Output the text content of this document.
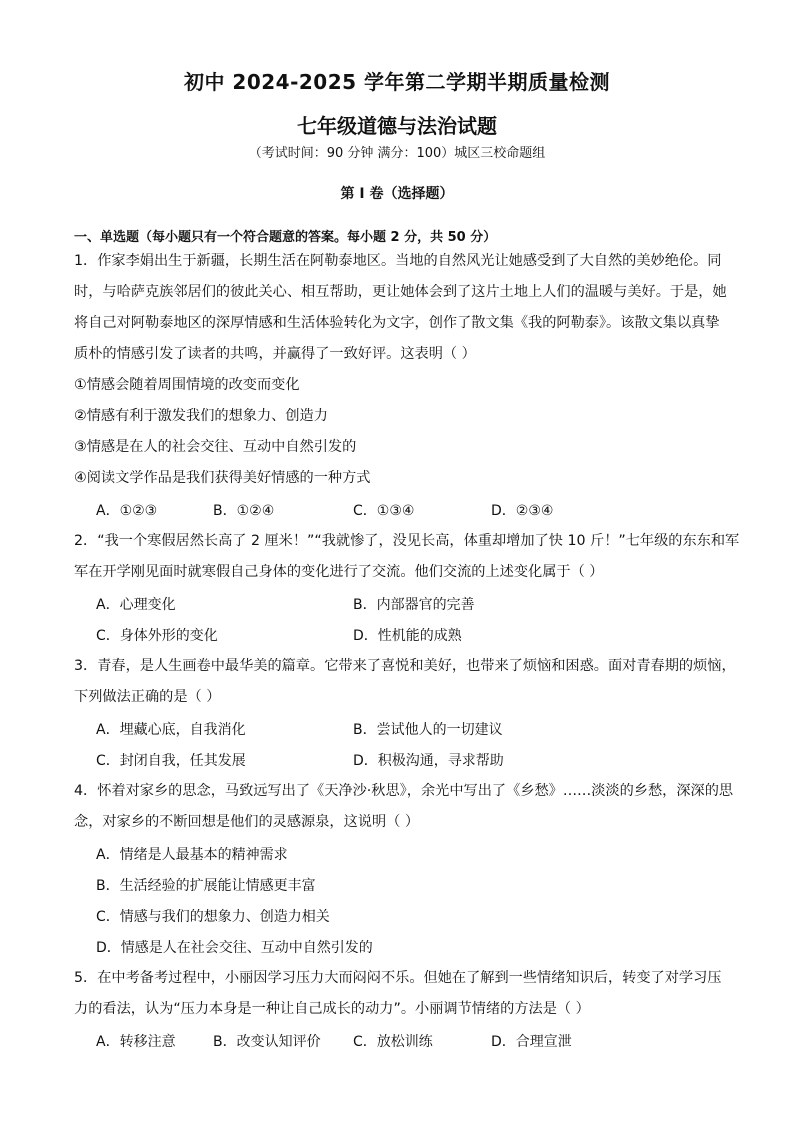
初中 2024-2025 学年第二学期半期质量检测
七年级道德与法治试题
（考试时间：90 分钟 满分：100）城区三校命题组
第 I 卷（选择题）
一、单选题（每小题只有一个符合题意的答案。每小题 2 分，共 50 分）
1．作家李娟出生于新疆，长期生活在阿勒泰地区。当地的自然风光让她感受到了大自然的美妙绝伦。同
时，与哈萨克族邻居们的彼此关心、相互帮助，更让她体会到了这片土地上人们的温暖与美好。于是，她
将自己对阿勒泰地区的深厚情感和生活体验转化为文字，创作了散文集《我的阿勒泰》。该散文集以真挚
质朴的情感引发了读者的共鸣，并赢得了一致好评。这表明（ ）
①情感会随着周围情境的改变而变化
②情感有利于激发我们的想象力、创造力
③情感是在人的社会交往、互动中自然引发的
④阅读文学作品是我们获得美好情感的一种方式
A．①②③	B．①②④	C．①③④	D．②③④
2．“我一个寒假居然长高了 2 厘米！”“我就惨了，没见长高，体重却增加了快 10 斤！”七年级的东东和军
军在开学刚见面时就寒假自己身体的变化进行了交流。他们交流的上述变化属于（ ）
A．心理变化	B．内部器官的完善
C．身体外形的变化	D．性机能的成熟
3．青春，是人生画卷中最华美的篇章。它带来了喜悦和美好，也带来了烦恼和困惑。面对青春期的烦恼，
下列做法正确的是（ ）
A．埋藏心底，自我消化	B．尝试他人的一切建议
C．封闭自我，任其发展	D．积极沟通，寻求帮助
4．怀着对家乡的思念，马致远写出了《天净沙·秋思》，余光中写出了《乡愁》……淡淡的乡愁，深深的思
念，对家乡的不断回想是他们的灵感源泉，这说明（ ）
A．情绪是人最基本的精神需求
B．生活经验的扩展能让情感更丰富
C．情感与我们的想象力、创造力相关
D．情感是人在社会交往、互动中自然引发的
5．在中考备考过程中，小丽因学习压力大而闷闷不乐。但她在了解到一些情绪知识后，转变了对学习压
力的看法，认为“压力本身是一种让自己成长的动力”。小丽调节情绪的方法是（ ）
A．转移注意	B．改变认知评价 C．放松训练	D．合理宣泄
